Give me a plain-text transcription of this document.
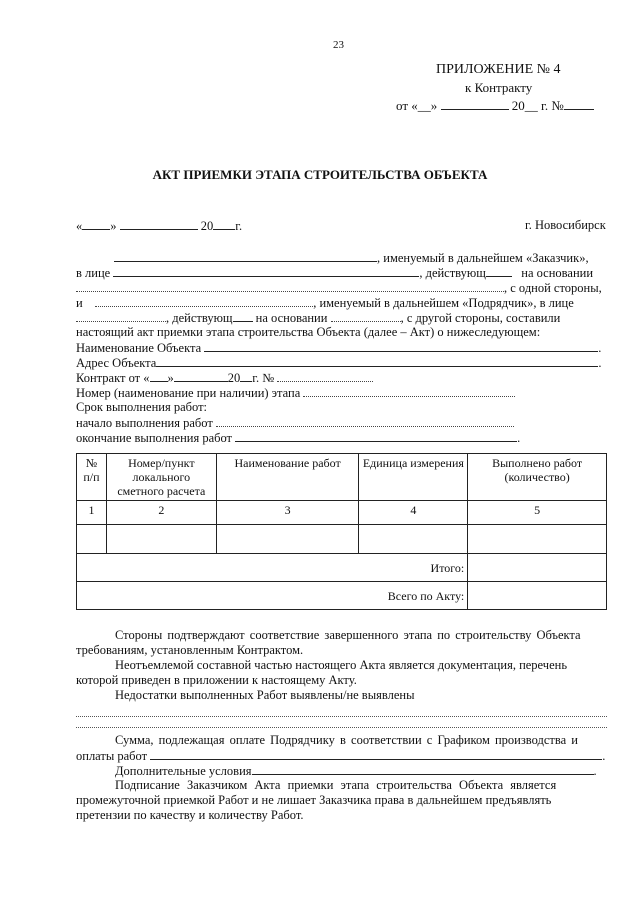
23
ПРИЛОЖЕНИЕ № 4
к Контракту
от «__»	20__ г. №
АКТ ПРИЕМКИ ЭТАПА СТРОИТЕЛЬСТВА ОБЪЕКТА
« »	20 г.	г. Новосибирск
, именуемый в дальнейшем «Заказчик»,
в лице	, действующ	на основании
, с одной стороны,
и	, именуемый в дальнейшем «Подрядчик», в лице
, действующ на основании	, с другой стороны, составили
настоящий акт приемки этапа строительства Объекта (далее – Акт) о нижеследующем:
Наименование Объекта	.
Адрес Объекта	.
Контракт от « »	20 г. №
Номер (наименование при наличии) этапа
Срок выполнения работ:
начало выполнения работ
окончание выполнения работ	.
№ п/п	Номер/пункт локального сметного расчета	Наименование работ	Единица измерения	Выполнено работ (количество)
1	2	3	4	5

Итого:				
Всего по Акту:				
Стороны подтверждают соответствие завершенного этапа по строительству Объекта
требованиям, установленным Контрактом.
Неотъемлемой составной частью настоящего Акта является документация, перечень
которой приведен в приложении к настоящему Акту.
Недостатки выполненных Работ выявлены/не выявлены
Сумма, подлежащая оплате Подрядчику в соответствии с Графиком производства и
оплаты работ	.
Дополнительные условия	.
Подписание Заказчиком Акта приемки этапа строительства Объекта является
промежуточной приемкой Работ и не лишает Заказчика права в дальнейшем предъявлять
претензии по качеству и количеству Работ.
